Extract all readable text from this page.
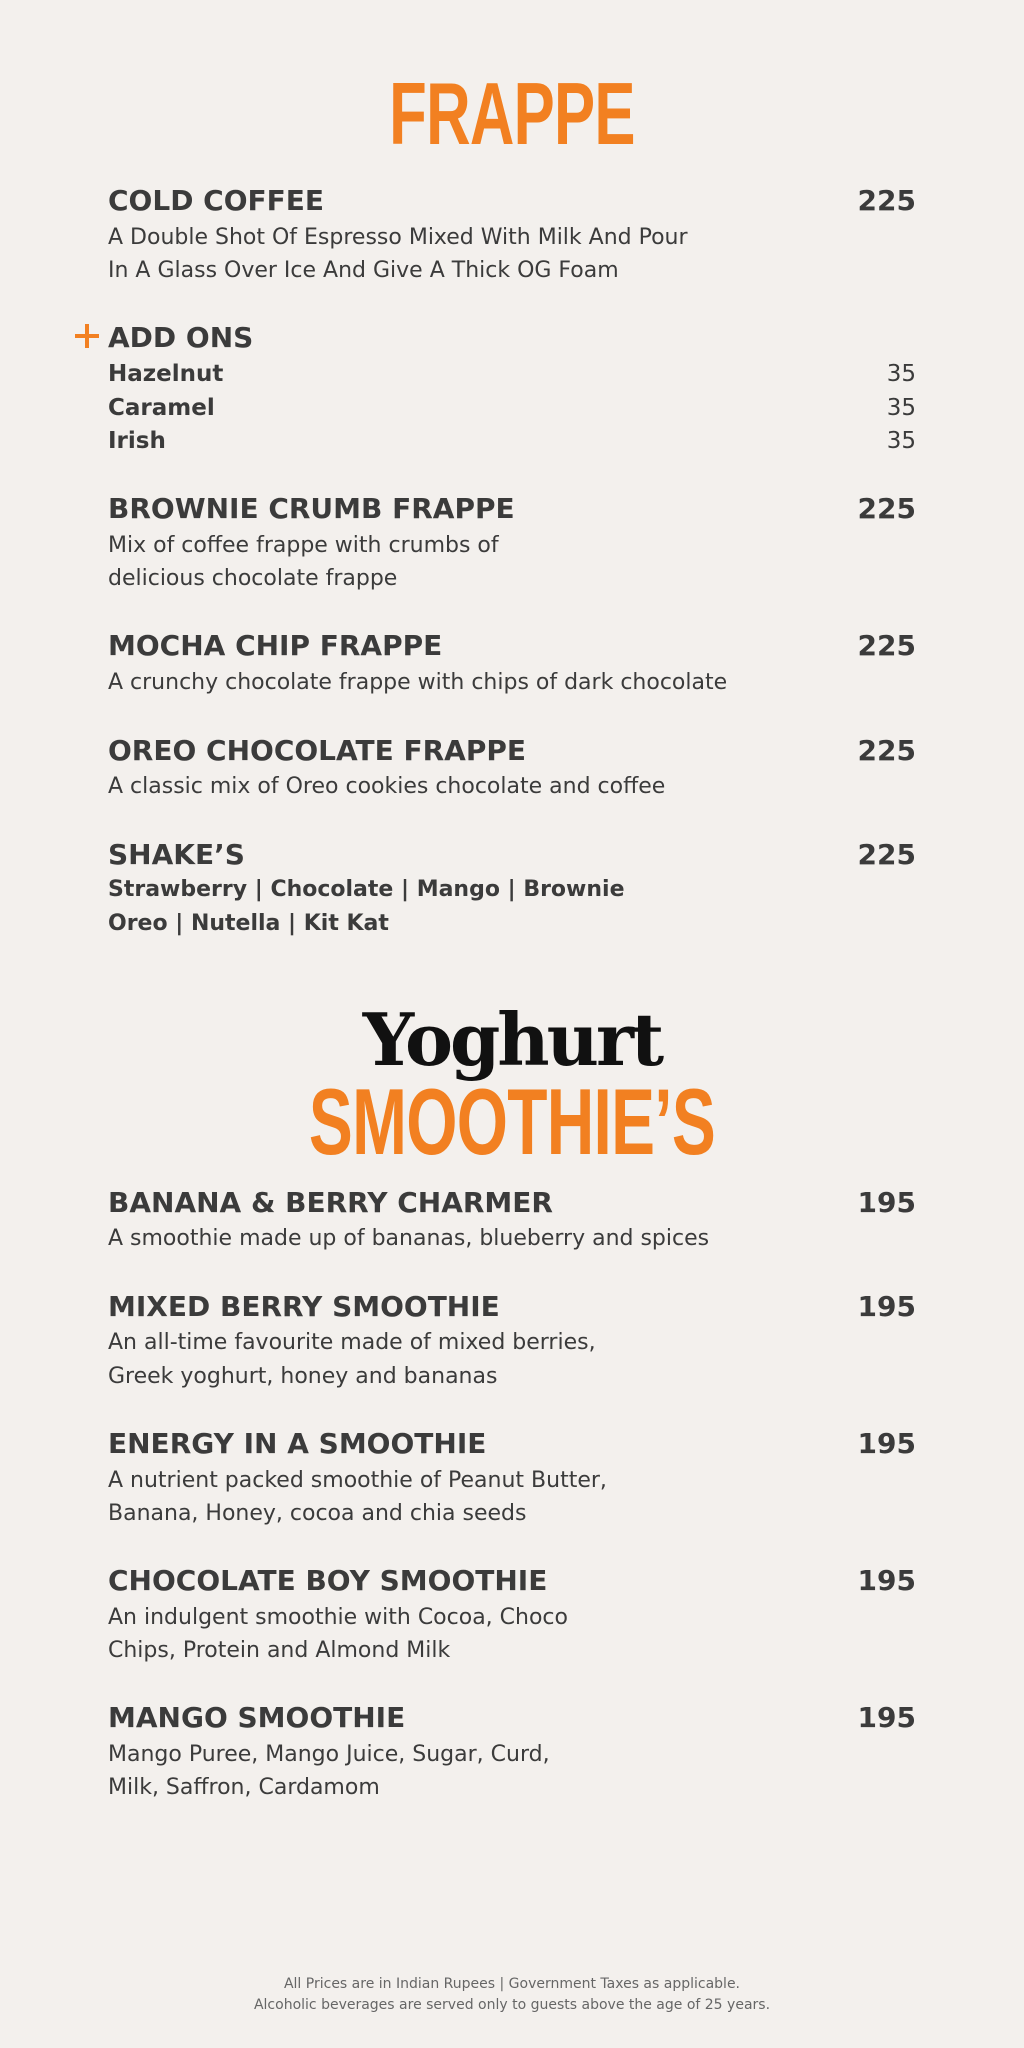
FRAPPE
COLD COFFEE	225
A Double Shot Of Espresso Mixed With Milk And Pour
In A Glass Over Ice And Give A Thick OG Foam
ADD ONS
Hazelnut	35
Caramel	35
Irish	35
BROWNIE CRUMB FRAPPE	225
Mix of coffee frappe with crumbs of
delicious chocolate frappe
MOCHA CHIP FRAPPE	225
A crunchy chocolate frappe with chips of dark chocolate
OREO CHOCOLATE FRAPPE	225
A classic mix of Oreo cookies chocolate and coffee
SHAKE’S	225
Strawberry | Chocolate | Mango | Brownie
Oreo | Nutella | Kit Kat
Yoghurt
SMOOTHIE’S
BANANA & BERRY CHARMER	195
A smoothie made up of bananas, blueberry and spices
MIXED BERRY SMOOTHIE	195
An all-time favourite made of mixed berries,
Greek yoghurt, honey and bananas
ENERGY IN A SMOOTHIE	195
A nutrient packed smoothie of Peanut Butter,
Banana, Honey, cocoa and chia seeds
CHOCOLATE BOY SMOOTHIE	195
An indulgent smoothie with Cocoa, Choco
Chips, Protein and Almond Milk
MANGO SMOOTHIE	195
Mango Puree, Mango Juice, Sugar, Curd,
Milk, Saffron, Cardamom
All Prices are in Indian Rupees | Government Taxes as applicable.
Alcoholic beverages are served only to guests above the age of 25 years.
